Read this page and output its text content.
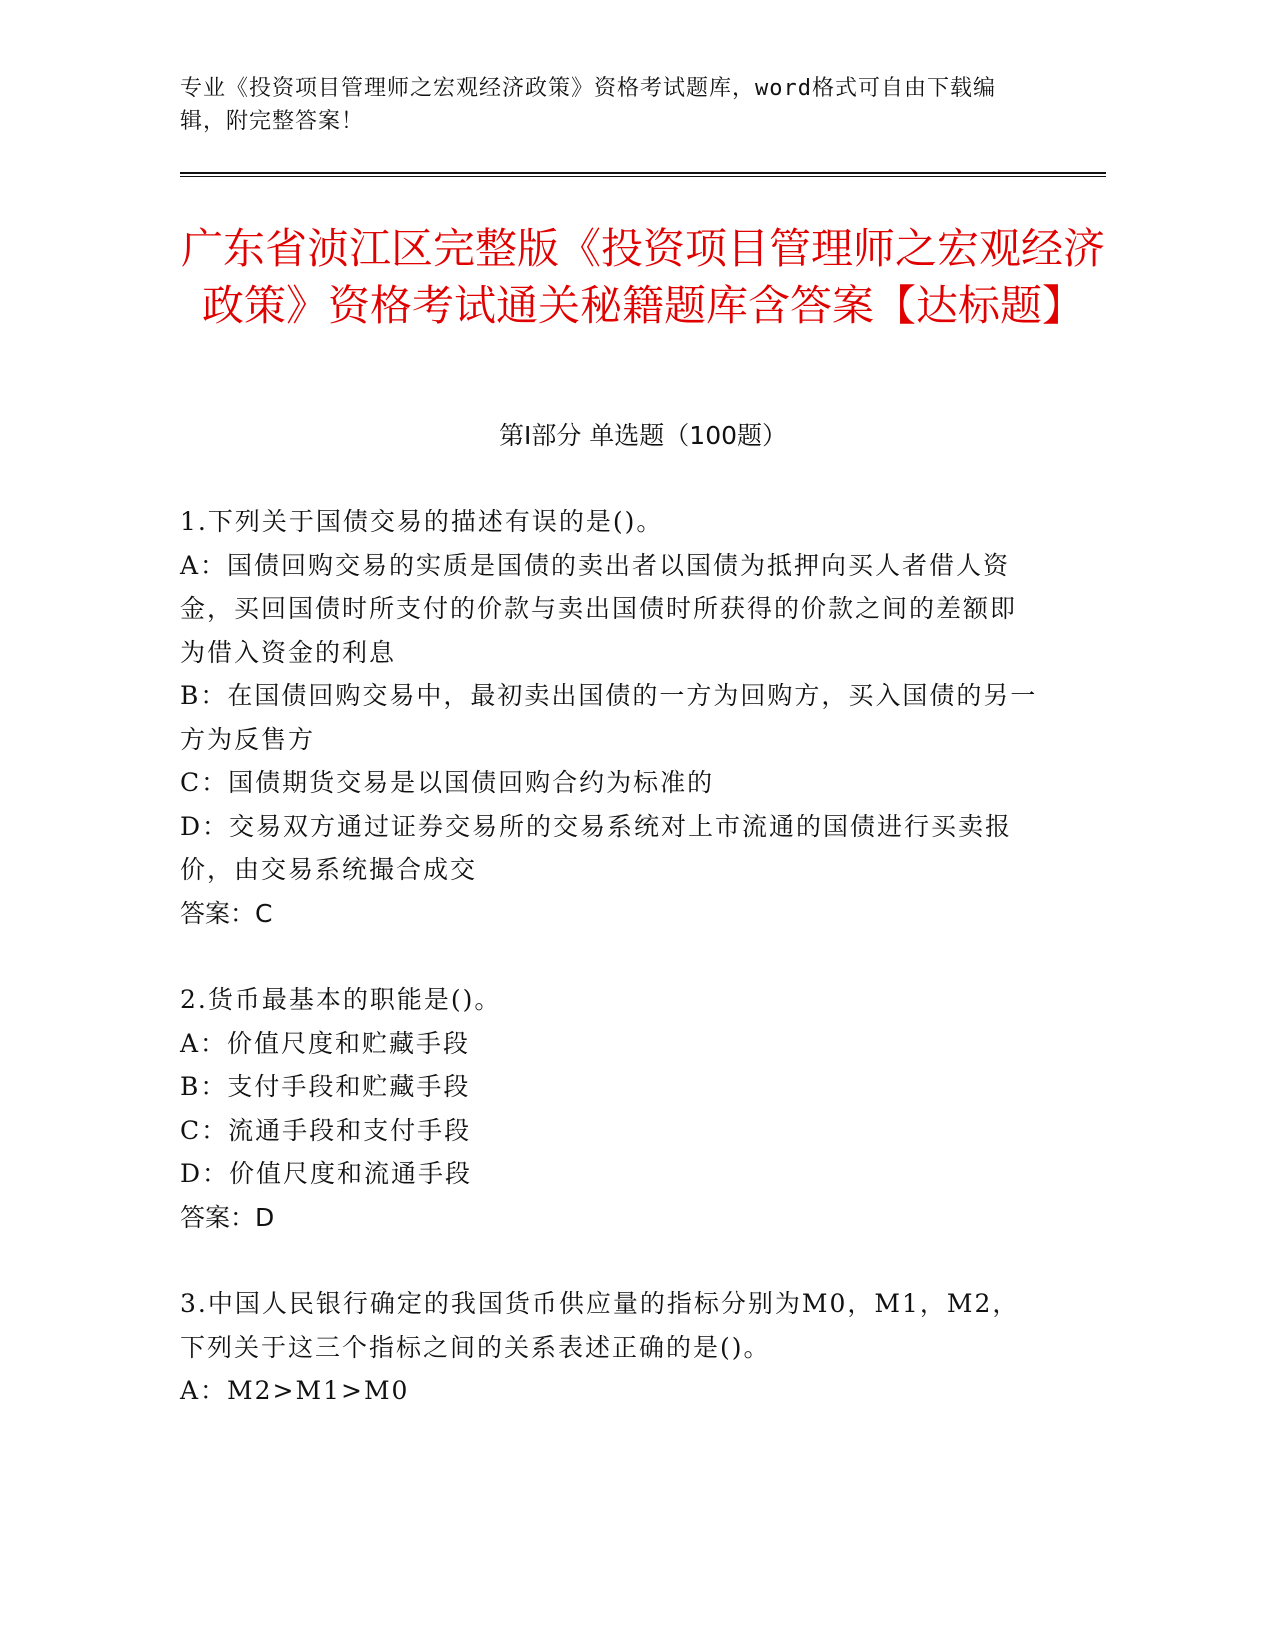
专业《投资项目管理师之宏观经济政策》资格考试题库，word格式可自由下载编辑，附完整答案！
广东省浈江区完整版《投资项目管理师之宏观经济政策》资格考试通关秘籍题库含答案【达标题】
第Ⅰ部分 单选题（100题）
1.下列关于国债交易的描述有误的是()。
A：国债回购交易的实质是国债的卖出者以国债为抵押向买人者借人资金，买回国债时所支付的价款与卖出国债时所获得的价款之间的差额即为借入资金的利息
B：在国债回购交易中，最初卖出国债的一方为回购方，买入国债的另一方为反售方
C：国债期货交易是以国债回购合约为标准的
D：交易双方通过证券交易所的交易系统对上市流通的国债进行买卖报价，由交易系统撮合成交
答案：C
2.货币最基本的职能是()。
A：价值尺度和贮藏手段
B：支付手段和贮藏手段
C：流通手段和支付手段
D：价值尺度和流通手段
答案：D
3.中国人民银行确定的我国货币供应量的指标分别为M0，M1，M2，下列关于这三个指标之间的关系表述正确的是()。
A：M2>M1>M0
